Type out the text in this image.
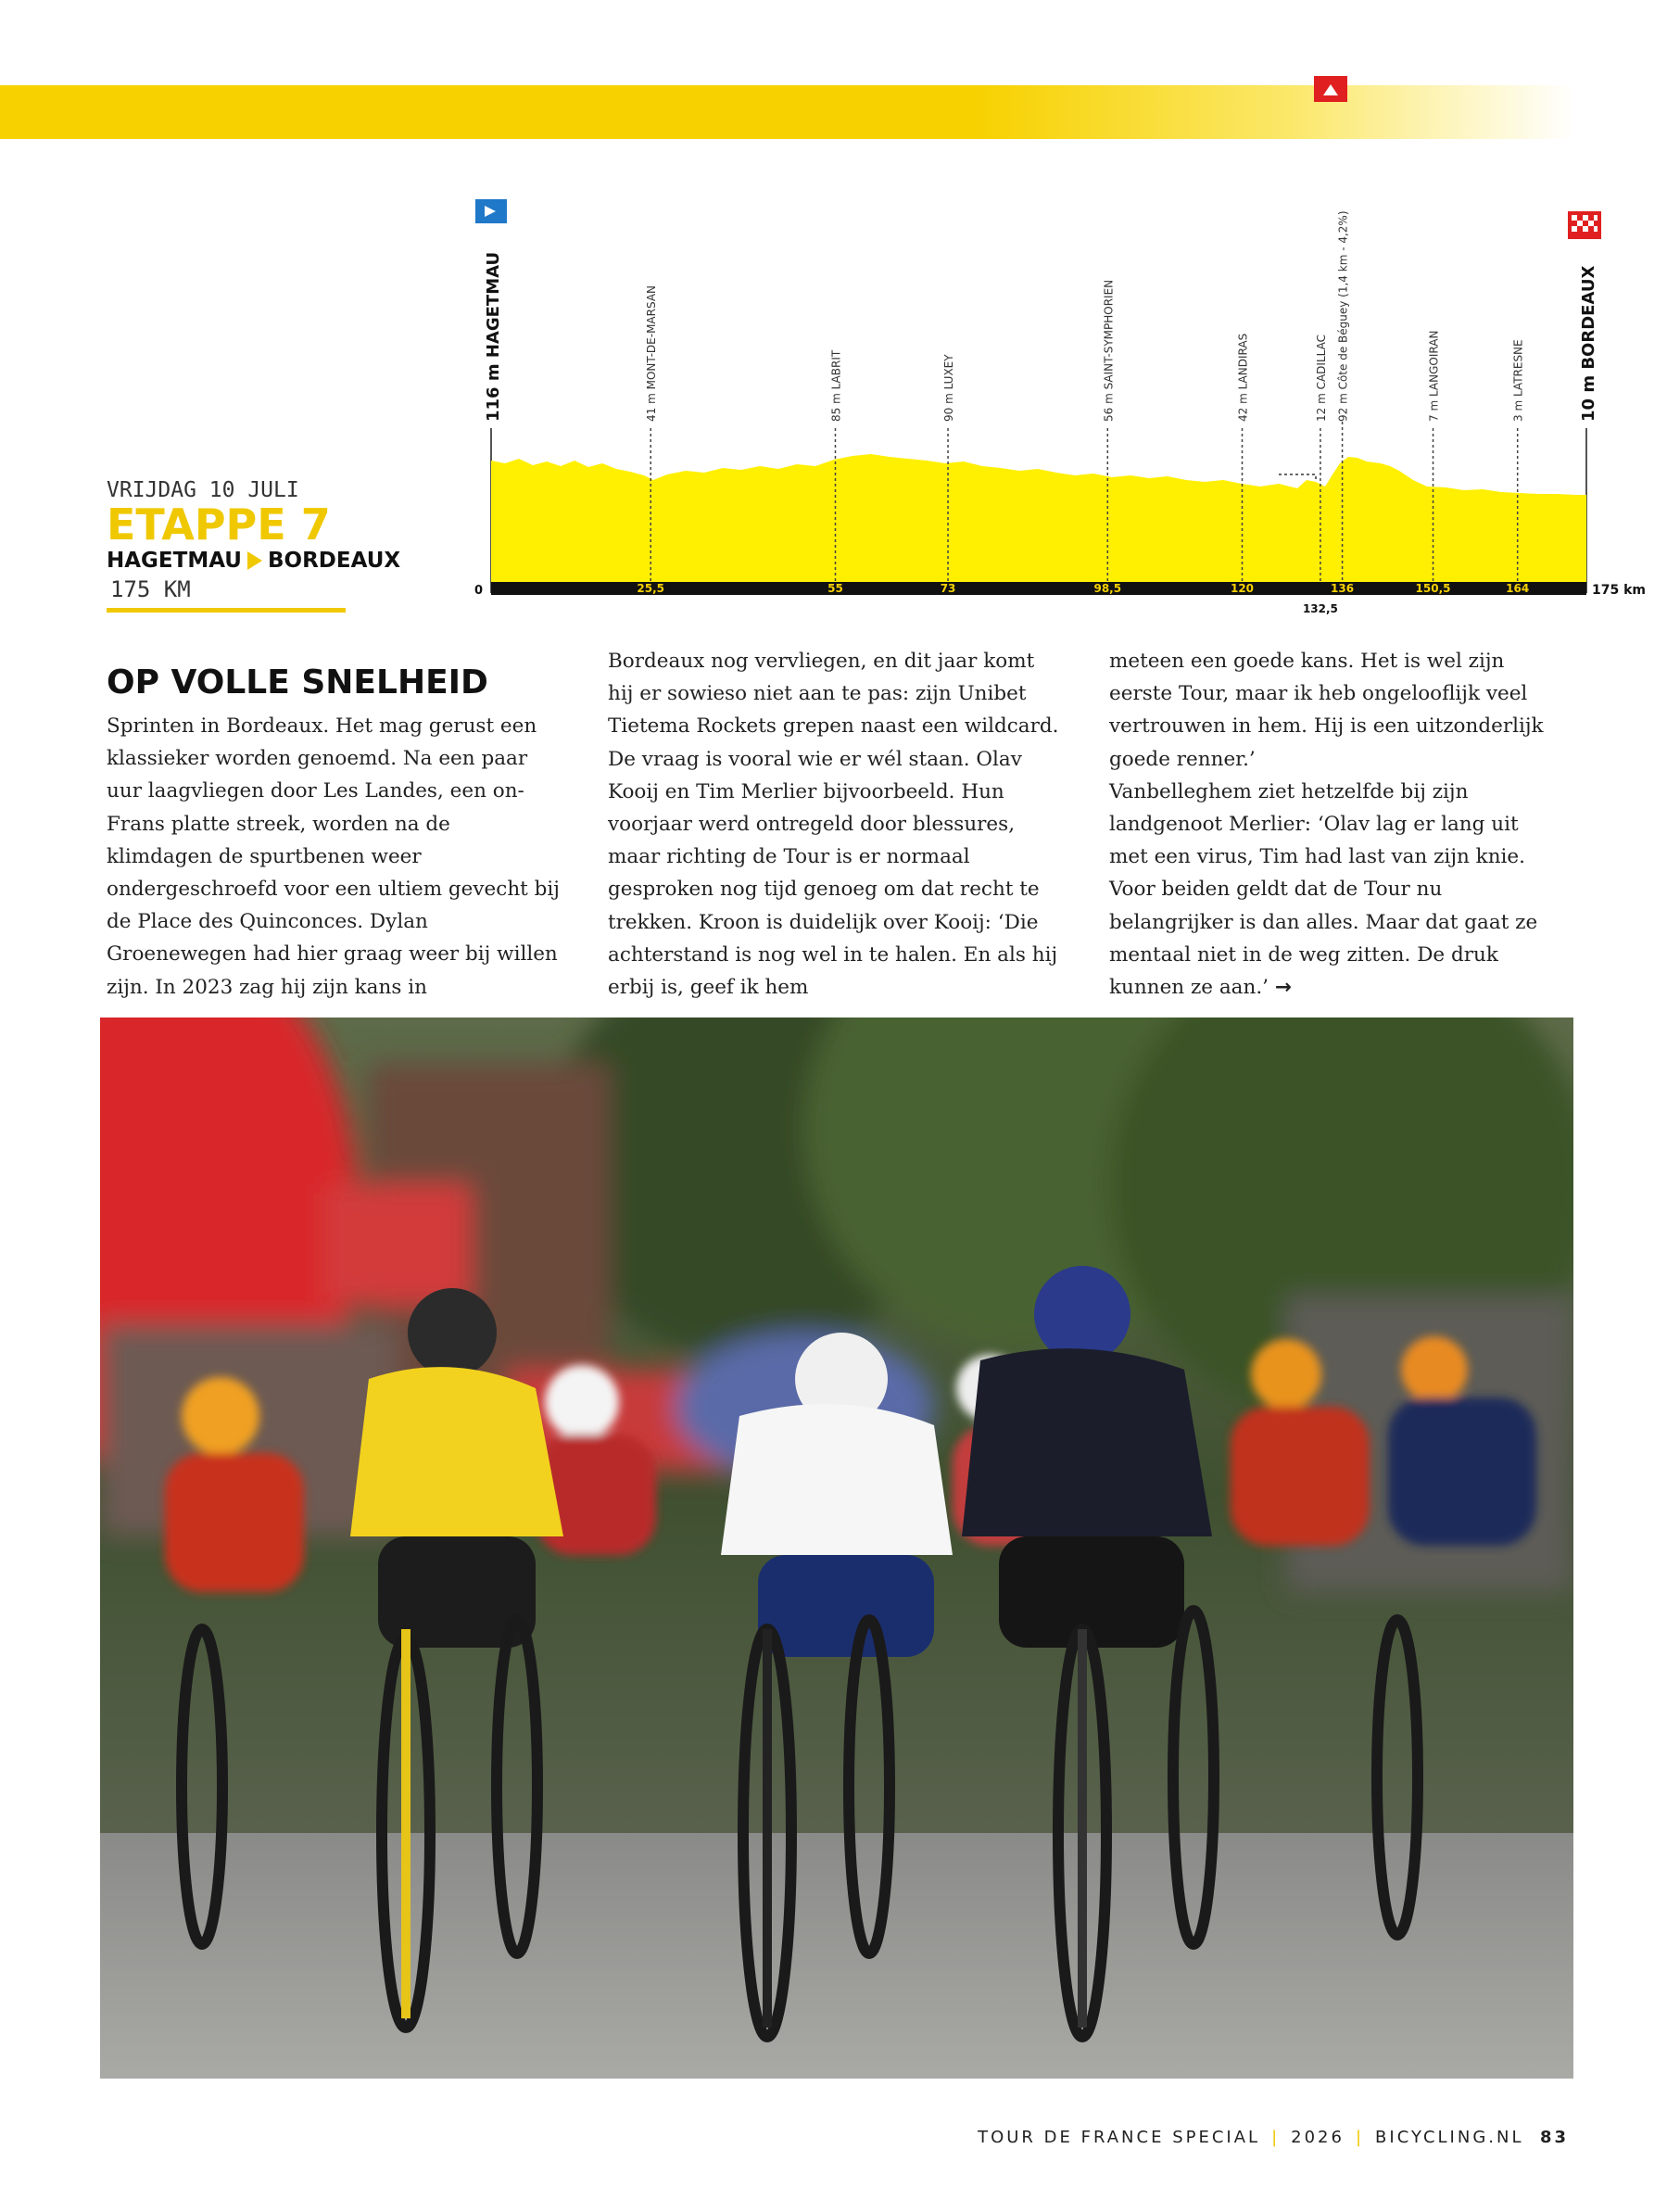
116 m HAGETMAU	10 m BORDEAUX
41 m MONT-DE-MARSAN
25,5
85 m LABRIT
55
90 m LUXEY
73
56 m SAINT-SYMPHORIEN
98,5
42 m LANDIRAS
120
12 m CADILLAC
132,5
92 m Côte de Béguey (1,4 km - 4,2%)
136
7 m LANGOIRAN
150,5
3 m LATRESNE
164
0	175 km
VRIJDAG 10 JULI
ETAPPE 7
HAGETMAU BORDEAUX
175 KM
OP VOLLE SNELHEID

Sprinten in Bordeaux. Het mag gerust een klassieker worden genoemd. Na een paar uur laagvliegen door Les Landes, een on-Frans platte streek, worden na de klimdagen de spurtbenen weer ondergeschroefd voor een ultiem gevecht bij de Place des Quinconces. Dylan Groenewegen had hier graag weer bij willen zijn. In 2023 zag hij zijn kans in

Bordeaux nog vervliegen, en dit jaar komt hij er sowieso niet aan te pas: zijn Unibet Tietema Rockets grepen naast een wildcard. De vraag is vooral wie er wél staan. Olav Kooij en Tim Merlier bijvoorbeeld. Hun voorjaar werd ontregeld door blessures, maar richting de Tour is er normaal gesproken nog tijd genoeg om dat recht te trekken. Kroon is duidelijk over Kooij: ‘Die achterstand is nog wel in te halen. En als hij erbij is, geef ik hem

meteen een goede kans. Het is wel zijn eerste Tour, maar ik heb ongelooflijk veel vertrouwen in hem. Hij is een uitzonderlijk goede renner.’

Vanbelleghem ziet hetzelfde bij zijn landgenoot Merlier: ‘Olav lag er lang uit met een virus, Tim had last van zijn knie. Voor beiden geldt dat de Tour nu belangrijker is dan alles. Maar dat gaat ze mentaal niet in de weg zitten. De druk kunnen ze aan.’ →

TOUR DE FRANCE SPECIAL | 2026 | BICYCLING.NL 83
